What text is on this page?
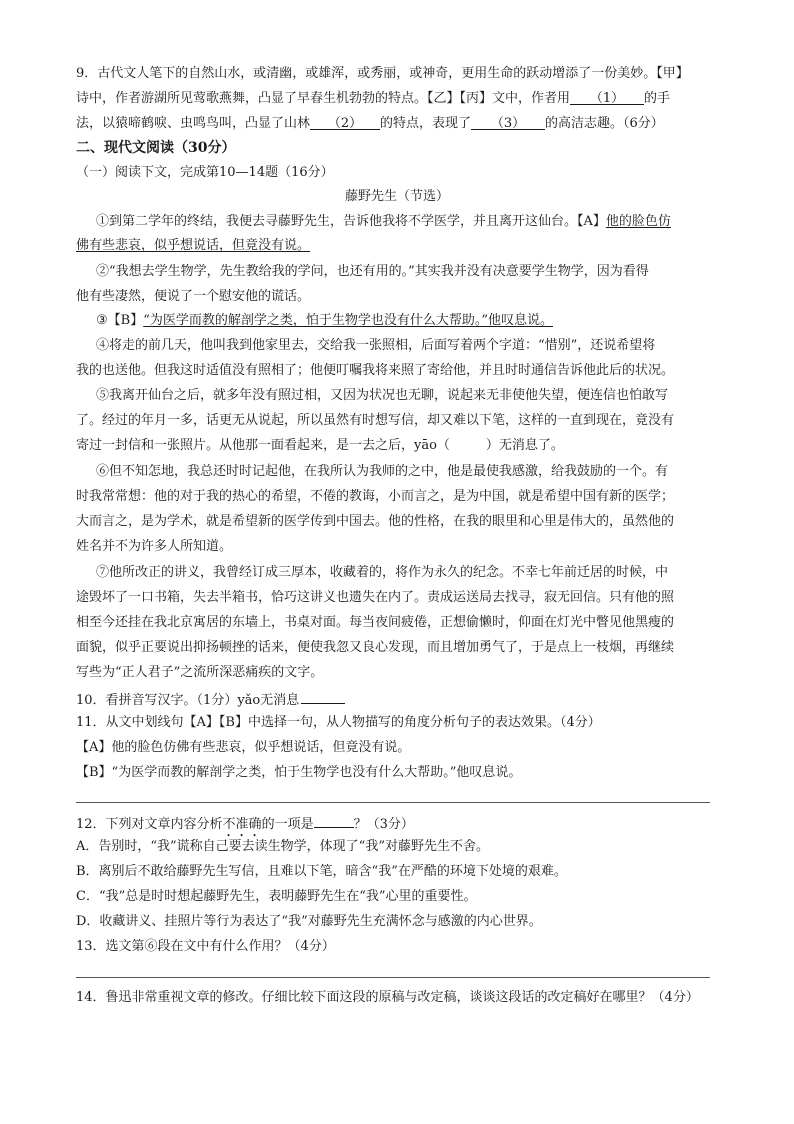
9．古代文人笔下的自然山水，或清幽，或雄浑，或秀丽，或神奇，更用生命的跃动增添了一份美妙。【甲】
诗中，作者游湖所见莺歌燕舞，凸显了早春生机勃勃的特点。【乙】【丙】文中，作者用 （1） 的手
法，以猿啼鹤唳、虫鸣鸟叫，凸显了山林 （2） 的特点，表现了 （3） 的高洁志趣。（6分）
二、现代文阅读（30分）
（一）阅读下文，完成第10—14题（16分）
藤野先生（节选）
①到第二学年的终结，我便去寻藤野先生，告诉他我将不学医学，并且离开这仙台。【A】他的脸色仿
佛有些悲哀，似乎想说话，但竟没有说。
②“我想去学生物学，先生教给我的学问，也还有用的。”其实我并没有决意要学生物学，因为看得
他有些凄然，便说了一个慰安他的谎话。
③【B】“为医学而教的解剖学之类，怕于生物学也没有什么大帮助。”他叹息说。
④将走的前几天，他叫我到他家里去，交给我一张照相，后面写着两个字道：“惜别”，还说希望将
我的也送他。但我这时适值没有照相了；他便叮嘱我将来照了寄给他，并且时时通信告诉他此后的状况。
⑤我离开仙台之后，就多年没有照过相，又因为状况也无聊，说起来无非使他失望，便连信也怕敢写
了。经过的年月一多，话更无从说起，所以虽然有时想写信，却又难以下笔，这样的一直到现在，竟没有
寄过一封信和一张照片。从他那一面看起来，是一去之后，yāo（	）无消息了。
⑥但不知怎地，我总还时时记起他，在我所认为我师的之中，他是最使我感激，给我鼓励的一个。有
时我常常想：他的对于我的热心的希望，不倦的教诲，小而言之，是为中国，就是希望中国有新的医学；
大而言之，是为学术，就是希望新的医学传到中国去。他的性格，在我的眼里和心里是伟大的，虽然他的
姓名并不为许多人所知道。
⑦他所改正的讲义，我曾经订成三厚本，收藏着的，将作为永久的纪念。不幸七年前迁居的时候，中
途毁坏了一口书箱，失去半箱书，恰巧这讲义也遗失在内了。责成运送局去找寻，寂无回信。只有他的照
相至今还挂在我北京寓居的东墙上，书桌对面。每当夜间疲倦，正想偷懒时，仰面在灯光中瞥见他黑瘦的
面貌，似乎正要说出抑扬顿挫的话来，便使我忽又良心发现，而且增加勇气了，于是点上一枝烟，再继续
写些为“正人君子”之流所深恶痛疾的文字。
10．看拼音写汉字。（1分）yǎo无消息
11．从文中划线句【A】【B】中选择一句，从人物描写的角度分析句子的表达效果。（4分）
【A】他的脸色仿佛有些悲哀，似乎想说话，但竟没有说。
【B】“为医学而教的解剖学之类，怕于生物学也没有什么大帮助。”他叹息说。
12．下列对文章内容分析不准确的一项是	？（3分）
A．告别时，“我”谎称自己要去读生物学，体现了“我”对藤野先生不舍。
B．离别后不敢给藤野先生写信，且难以下笔，暗含“我”在严酷的环境下处境的艰难。
C．“我”总是时时想起藤野先生，表明藤野先生在“我”心里的重要性。
D．收藏讲义、挂照片等行为表达了“我”对藤野先生充满怀念与感激的内心世界。
13．选文第⑥段在文中有什么作用？（4分）
14．鲁迅非常重视文章的修改。仔细比较下面这段的原稿与改定稿，谈谈这段话的改定稿好在哪里？（4分）
